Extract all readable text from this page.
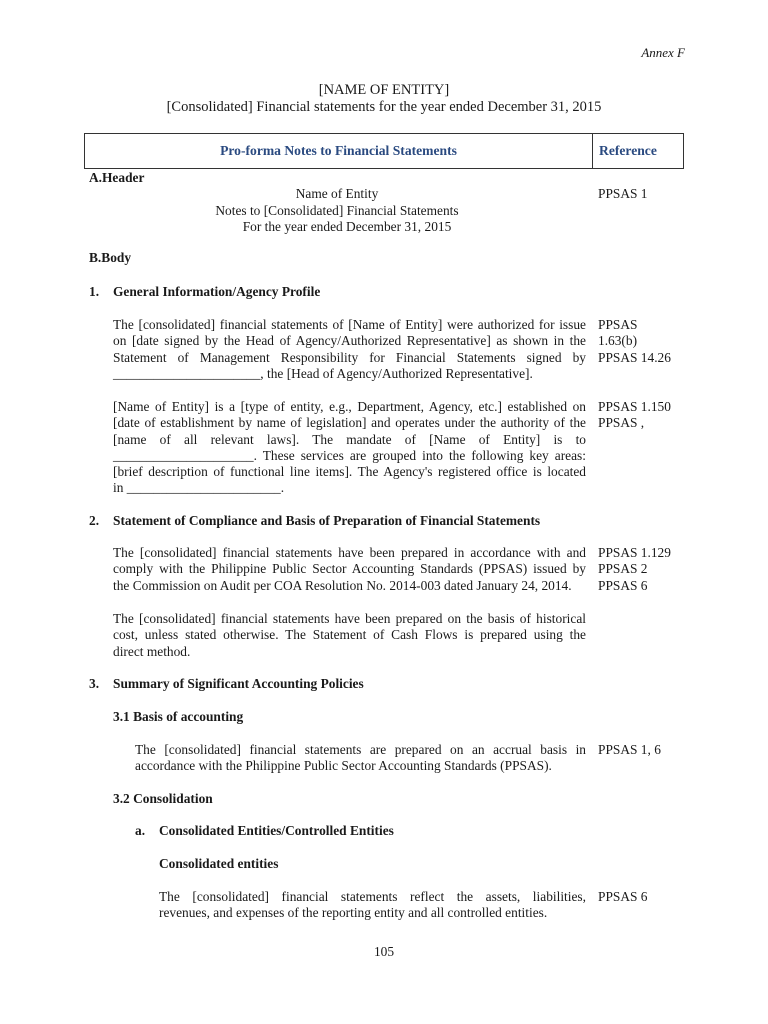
Annex F
[NAME OF ENTITY]
[Consolidated] Financial statements for the year ended December 31, 2015
Pro-forma Notes to Financial Statements	Reference
A.Header
Name of Entity
Notes to [Consolidated] Financial Statements
For the year ended December 31, 2015
PPSAS 1
B.Body
1. General Information/Agency Profile
The [consolidated] financial statements of [Name of Entity] were authorized for issue
on [date signed by the Head of Agency/Authorized Representative] as shown in the
Statement of Management Responsibility for Financial Statements signed by
______________________, the [Head of Agency/Authorized Representative].
PPSAS
1.63(b)
PPSAS 14.26
[Name of Entity] is a [type of entity, e.g., Department, Agency, etc.] established on
[date of establishment by name of legislation] and operates under the authority of the
[name of all relevant laws]. The mandate of [Name of Entity] is to
_____________________. These services are grouped into the following key areas:
[brief description of functional line items]. The Agency's registered office is located
in _______________________.
PPSAS 1.150
PPSAS ,
2. Statement of Compliance and Basis of Preparation of Financial Statements
The [consolidated] financial statements have been prepared in accordance with and
comply with the Philippine Public Sector Accounting Standards (PPSAS) issued by
the Commission on Audit per COA Resolution No. 2014-003 dated January 24, 2014.
PPSAS 1.129
PPSAS 2
PPSAS 6
The [consolidated] financial statements have been prepared on the basis of historical
cost, unless stated otherwise. The Statement of Cash Flows is prepared using the
direct method.
3. Summary of Significant Accounting Policies
3.1 Basis of accounting
The [consolidated] financial statements are prepared on an accrual basis in
accordance with the Philippine Public Sector Accounting Standards (PPSAS).
PPSAS 1, 6
3.2 Consolidation
a. Consolidated Entities/Controlled Entities
Consolidated entities
The [consolidated] financial statements reflect the assets, liabilities,
revenues, and expenses of the reporting entity and all controlled entities.
PPSAS 6
105
